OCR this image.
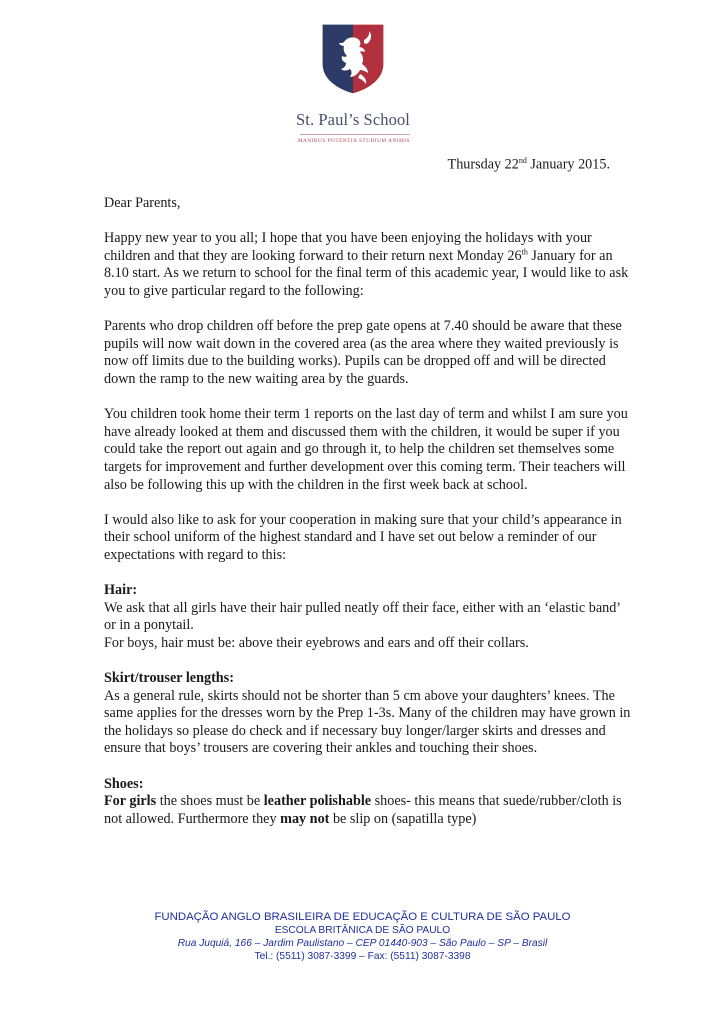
St. Paul’s School
MANIBUS POTENTIA STUDIUM ANIMIS
Thursday 22nd January 2015.

Dear Parents,

Happy new year to you all; I hope that you have been enjoying the holidays with your children and that they are looking forward to their return next Monday 26th January for an 8.10 start. As we return to school for the final term of this academic year, I would like to ask you to give particular regard to the following:

Parents who drop children off before the prep gate opens at 7.40 should be aware that these pupils will now wait down in the covered area (as the area where they waited previously is now off limits due to the building works). Pupils can be dropped off and will be directed down the ramp to the new waiting area by the guards.

You children took home their term 1 reports on the last day of term and whilst I am sure you have already looked at them and discussed them with the children, it would be super if you could take the report out again and go through it, to help the children set themselves some targets for improvement and further development over this coming term. Their teachers will also be following this up with the children in the first week back at school.

I would also like to ask for your cooperation in making sure that your child’s appearance in their school uniform of the highest standard and I have set out below a reminder of our expectations with regard to this:

Hair:
We ask that all girls have their hair pulled neatly off their face, either with an ‘elastic band’ or in a ponytail.

For boys, hair must be: above their eyebrows and ears and off their collars.

Skirt/trouser lengths:

As a general rule, skirts should not be shorter than 5 cm above your daughters’ knees. The same applies for the dresses worn by the Prep 1-3s. Many of the children may have grown in the holidays so please do check and if necessary buy longer/larger skirts and dresses and ensure that boys’ trousers are covering their ankles and touching their shoes.

Shoes:
For girls the shoes must be leather polishable shoes- this means that suede/rubber/cloth is not allowed. Furthermore they may not be slip on (sapatilla type)
FUNDAÇÃO ANGLO BRASILEIRA DE EDUCAÇÃO E CULTURA DE SÃO PAULO
ESCOLA BRITÂNICA DE SÃO PAULO
Rua Juquiá, 166 – Jardim Paulistano – CEP 01440-903 – São Paulo – SP – Brasil
Tel.: (5511) 3087-3399 – Fax: (5511) 3087-3398
